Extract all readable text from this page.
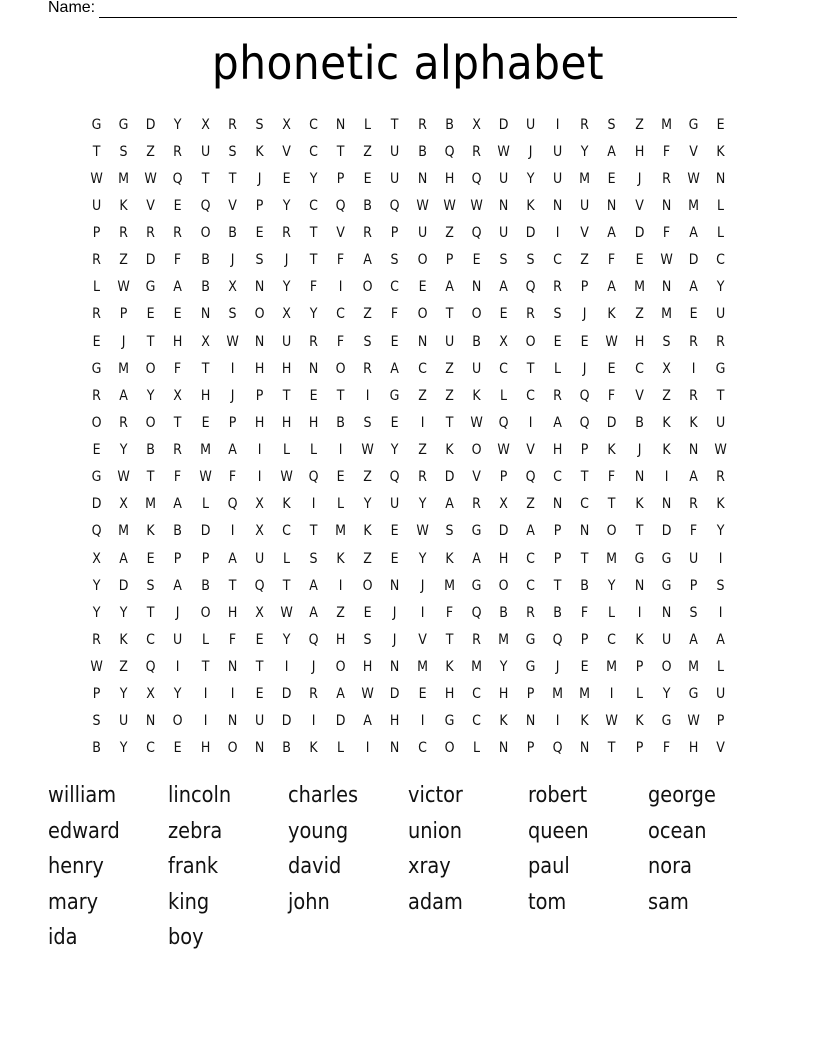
Name:
phonetic alphabet
G	G	D	Y	X	R	S	X	C	N	L	T	R	B	X	D	U	I	R	S	Z	M	G	E
T	S	Z	R	U	S	K	V	C	T	Z	U	B	Q	R	W	J	U	Y	A	H	F	V	K
W	M	W	Q	T	T	J	E	Y	P	E	U	N	H	Q	U	Y	U	M	E	J	R	W	N
U	K	V	E	Q	V	P	Y	C	Q	B	Q	W	W	W	N	K	N	U	N	V	N	M	L
P	R	R	R	O	B	E	R	T	V	R	P	U	Z	Q	U	D	I	V	A	D	F	A	L
R	Z	D	F	B	J	S	J	T	F	A	S	O	P	E	S	S	C	Z	F	E	W	D	C
L	W	G	A	B	X	N	Y	F	I	O	C	E	A	N	A	Q	R	P	A	M	N	A	Y
R	P	E	E	N	S	O	X	Y	C	Z	F	O	T	O	E	R	S	J	K	Z	M	E	U
E	J	T	H	X	W	N	U	R	F	S	E	N	U	B	X	O	E	E	W	H	S	R	R
G	M	O	F	T	I	H	H	N	O	R	A	C	Z	U	C	T	L	J	E	C	X	I	G
R	A	Y	X	H	J	P	T	E	T	I	G	Z	Z	K	L	C	R	Q	F	V	Z	R	T
O	R	O	T	E	P	H	H	H	B	S	E	I	T	W	Q	I	A	Q	D	B	K	K	U
E	Y	B	R	M	A	I	L	L	I	W	Y	Z	K	O	W	V	H	P	K	J	K	N	W
G	W	T	F	W	F	I	W	Q	E	Z	Q	R	D	V	P	Q	C	T	F	N	I	A	R
D	X	M	A	L	Q	X	K	I	L	Y	U	Y	A	R	X	Z	N	C	T	K	N	R	K
Q	M	K	B	D	I	X	C	T	M	K	E	W	S	G	D	A	P	N	O	T	D	F	Y
X	A	E	P	P	A	U	L	S	K	Z	E	Y	K	A	H	C	P	T	M	G	G	U	I
Y	D	S	A	B	T	Q	T	A	I	O	N	J	M	G	O	C	T	B	Y	N	G	P	S
Y	Y	T	J	O	H	X	W	A	Z	E	J	I	F	Q	B	R	B	F	L	I	N	S	I
R	K	C	U	L	F	E	Y	Q	H	S	J	V	T	R	M	G	Q	P	C	K	U	A	A
W	Z	Q	I	T	N	T	I	J	O	H	N	M	K	M	Y	G	J	E	M	P	O	M	L
P	Y	X	Y	I	I	E	D	R	A	W	D	E	H	C	H	P	M	M	I	L	Y	G	U
S	U	N	O	I	N	U	D	I	D	A	H	I	G	C	K	N	I	K	W	K	G	W	P
B	Y	C	E	H	O	N	B	K	L	I	N	C	O	L	N	P	Q	N	T	P	F	H	V
william	lincoln	charles	victor	robert	george
edward	zebra	young	union	queen	ocean
henry	frank	david	xray	paul	nora
mary	king	john	adam	tom	sam
ida	boy
